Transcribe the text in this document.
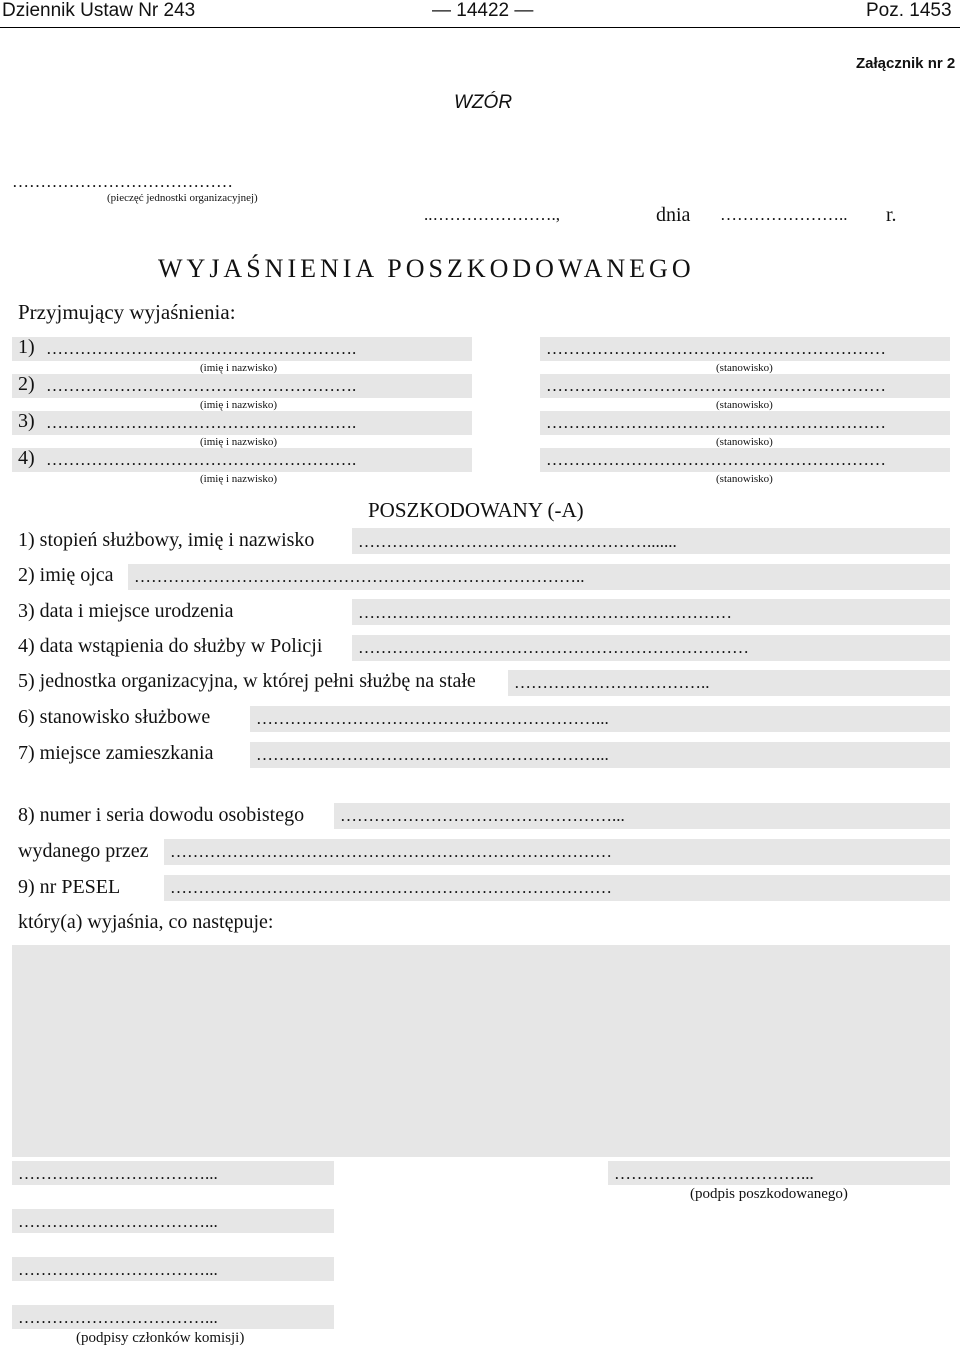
Dziennik Ustaw Nr 243	— 14422 —	Poz. 1453
Załącznik nr 2
WZÓR
…………………………………
(pieczęć jednostki organizacyjnej)
..………………….,	dnia …………………..	r.
WYJAŚNIENIA POSZKODOWANEGO
Przyjmujący wyjaśnienia:
1) ……………………………………………….	……………………………………………………
(imię i nazwisko)	(stanowisko)
2) ……………………………………………….	……………………………………………………
(imię i nazwisko)	(stanowisko)
3) ……………………………………………….	……………………………………………………
(imię i nazwisko)	(stanowisko)
4) ……………………………………………….	……………………………………………………
(imię i nazwisko)	(stanowisko)
POSZKODOWANY (-A)
1) stopień służbowy, imię i nazwisko	…………………………………………….......
2) imię ojca ……………………………………………………………………..
3) data i miejsce urodzenia	…………………………………………………………
4) data wstąpienia do służby w Policji ……………………………………………………………
5) jednostka organizacyjna, w której pełni służbę na stałe ……………………………..
6) stanowisko służbowe	……………………………………………………...
7) miejsce zamieszkania	……………………………………………………...
8) numer i seria dowodu osobistego …………………………………………...
wydanego przez ……………………………………………………………………
9) nr PESEL	……………………………………………………………………
który(a) wyjaśnia, co następuje:
……………………………...	……………………………...
(podpis poszkodowanego)
……………………………...
……………………………...
……………………………...
(podpisy członków komisji)
